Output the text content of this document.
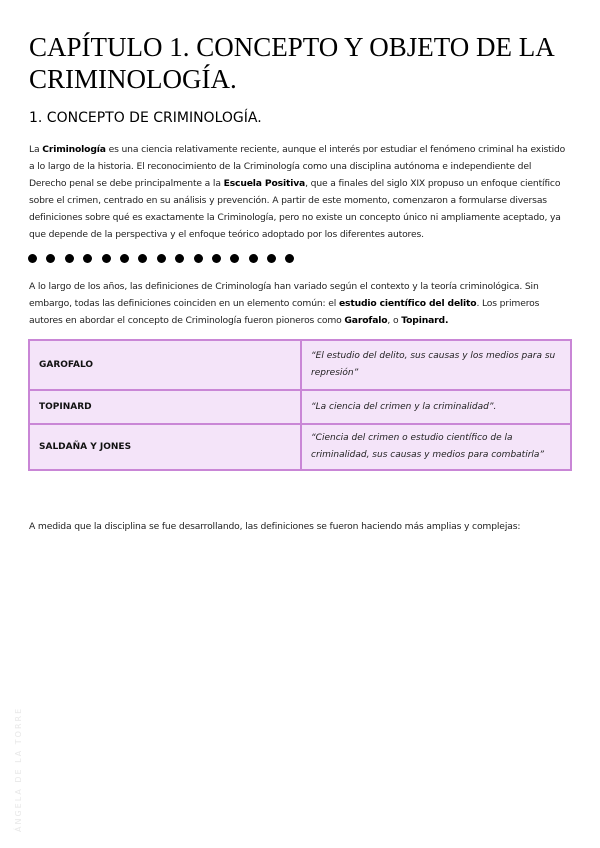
CAPÍTULO 1. CONCEPTO Y OBJETO DE LA CRIMINOLOGÍA.
1. CONCEPTO DE CRIMINOLOGÍA.

La Criminología es una ciencia relativamente reciente, aunque el interés por estudiar el fenómeno criminal ha existido a lo largo de la historia. El reconocimiento de la Criminología como una disciplina autónoma e independiente del Derecho penal se debe principalmente a la Escuela Positiva, que a finales del siglo XIX propuso un enfoque científico sobre el crimen, centrado en su análisis y prevención. A partir de este momento, comenzaron a formularse diversas definiciones sobre qué es exactamente la Criminología, pero no existe un concepto único ni ampliamente aceptado, ya que depende de la perspectiva y el enfoque teórico adoptado por los diferentes autores.

A lo largo de los años, las definiciones de Criminología han variado según el contexto y la teoría criminológica. Sin embargo, todas las definiciones coinciden en un elemento común: el estudio científico del delito. Los primeros autores en abordar el concepto de Criminología fueron pioneros como Garofalo, o Topinard.

GAROFALO	“El estudio del delito, sus causas y los medios para su represión”
TOPINARD	“La ciencia del crimen y la criminalidad”.
SALDAÑA Y JONES	“Ciencia del crimen o estudio científico de la criminalidad, sus causas y medios para combatirla”

A medida que la disciplina se fue desarrollando, las definiciones se fueron haciendo más amplias y complejas:

ÁNGELA DE LA TORRE
